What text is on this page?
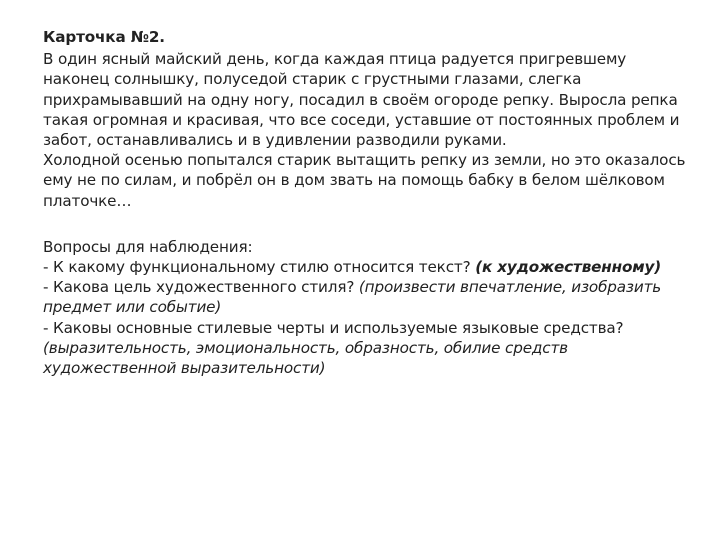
Карточка №2.

В один ясный майский день, когда каждая птица радуется пригревшему наконец солнышку, полуседой старик с грустными глазами, слегка прихрамывавший на одну ногу, посадил в своём огороде репку. Выросла репка такая огромная и красивая, что все соседи, уставшие от постоянных проблем и забот, останавливались и в удивлении разводили руками.

Холодной осенью попытался старик вытащить репку из земли, но это оказалось ему не по силам, и побрёл он в дом звать на помощь бабку в белом шёлковом платочке…

Вопросы для наблюдения:

- К какому функциональному стилю относится текст? (к художественному)

- Какова цель художественного стиля? (произвести впечатление, изобразить предмет или событие)

- Каковы основные стилевые черты и используемые языковые средства? (выразительность, эмоциональность, образность, обилие средств художественной выразительности)
